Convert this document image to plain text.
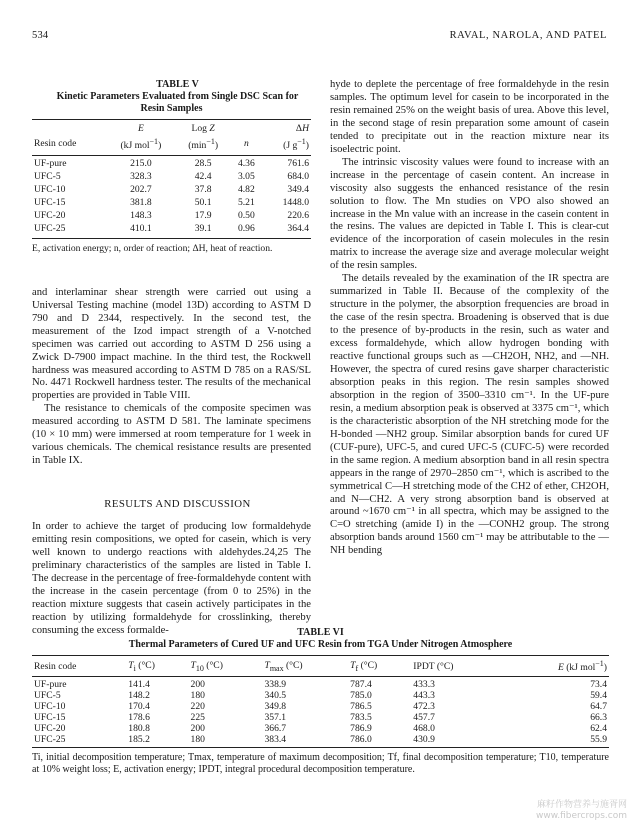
534	RAVAL, NAROLA, AND PATEL

TABLE V

Kinetic Parameters Evaluated from Single DSC Scan for Resin Samples

	E	Log Z		ΔH
Resin code	(kJ mol$^{-1}$)	$(\min^{-1})$	n	(J $g^{-1}$)
UF-pure	215.0	28.5	4.36	761.6
UFC-5	328.3	42.4	3.05	684.0
UFC-10	202.7	37.8	4.82	349.4
UFC-15	381.8	50.1	5.21	1448.0
UFC-20	148.3	17.9	0.50	220.6
UFC-25	410.1	39.1	0.96	364.4
E, activation energy; n, order of reaction; ΔH, heat of reaction.

and interlaminar shear strength were carried out using a Universal Testing machine (model 13D) according to ASTM D 790 and D 2344, respectively. In the second test, the measurement of the Izod impact strength of a V-notched specimen was carried out according to ASTM D 256 using a Zwick D-7900 impact machine. In the third test, the Rockwell hardness was measured according to ASTM D 785 on a RAS/SL No. 4471 Rockwell hardness tester. The results of the mechanical properties are provided in Table VIII.

The resistance to chemicals of the composite specimen was measured according to ASTM D 581. The laminate specimens (10 × 10 mm) were immersed at room temperature for 1 week in various chemicals. The chemical resistance results are presented in Table IX.

RESULTS AND DISCUSSION

In order to achieve the target of producing low formaldehyde emitting resin compositions, we opted for casein, which is very well known to undergo reactions with aldehydes.24,25 The preliminary characteristics of the samples are listed in Table I. The decrease in the percentage of free-formaldehyde content with the increase in the casein percentage (from 0 to 25%) in the reaction mixture suggests that casein actively participates in the reaction by utilizing formaldehyde for crosslinking, thereby consuming the excess formalde-

hyde to deplete the percentage of free formaldehyde in the resin samples. The optimum level for casein to be incorporated in the resin remained 25% on the weight basis of urea. Above this level, in the second stage of resin preparation some amount of casein tended to precipitate out in the reaction mixture near its isoelectric point.

The intrinsic viscosity values were found to increase with an increase in the percentage of casein content. An increase in viscosity also suggests the enhanced resistance of the resin solution to flow. The Mn studies on VPO also showed an increase in the Mn value with an increase in the casein content in the resins. The values are depicted in Table I. This is clear-cut evidence of the incorporation of casein molecules in the resin matrix to increase the average size and average molecular weight of the resin samples.

The details revealed by the examination of the IR spectra are summarized in Table II. Because of the complexity of the structure in the polymer, the absorption frequencies are broad in the case of the resin spectra. Broadening is observed that is due to the presence of by-products in the resin, such as water and excess formaldehyde, which allow hydrogen bonding with reactive functional groups such as —CH2OH, NH2, and —NH. However, the spectra of cured resins gave sharper characteristic absorption peaks in this region. The resin samples showed absorption in the region of 3500–3310 cm⁻¹. In the UF-pure resin, a medium absorption peak is observed at 3375 cm⁻¹, which is the characteristic absorption of the NH stretching mode for the H-bonded —NH2 group. Similar absorption bands for cured UF (CUF-pure), UFC-5, and cured UFC-5 (CUFC-5) were recorded in the same region. A medium absorption band in all resin spectra appears in the range of 2970–2850 cm⁻¹, which is ascribed to the symmetrical C—H stretching mode of the CH2 of ether, CH2OH, and N—CH2. A very strong absorption band is observed at around ~1670 cm⁻¹ in all spectra, which may be assigned to the C=O stretching (amide I) in the —CONH2 group. The strong absorption bands around 1560 cm⁻¹ may be attributable to the —NH bending

TABLE VI

Thermal Parameters of Cured UF and UFC Resin from TGA Under Nitrogen Atmosphere

Resin code	$T_i$ (°C)	$T_{10}$ (°C)	$T_{max}$ (°C)	$T_f$ (°C)	IPDT (°C)	E (kJ mol$^{-1}$)
UF-pure	141.4	200	338.9	787.4	433.3	73.4
UFC-5	148.2	180	340.5	785.0	443.3	59.4
UFC-10	170.4	220	349.8	786.5	472.3	64.7
UFC-15	178.6	225	357.1	783.5	457.7	66.3
UFC-20	180.8	200	366.7	786.9	468.0	62.4
UFC-25	185.2	180	383.4	786.0	430.9	55.9
Ti, initial decomposition temperature; Tmax, temperature of maximum decomposition; Tf, final decomposition temperature; T10, temperature at 10% weight loss; E, activation energy; IPDT, integral procedural decomposition temperature.
麻籽作物营养与施胥网
www.fibercrops.com
